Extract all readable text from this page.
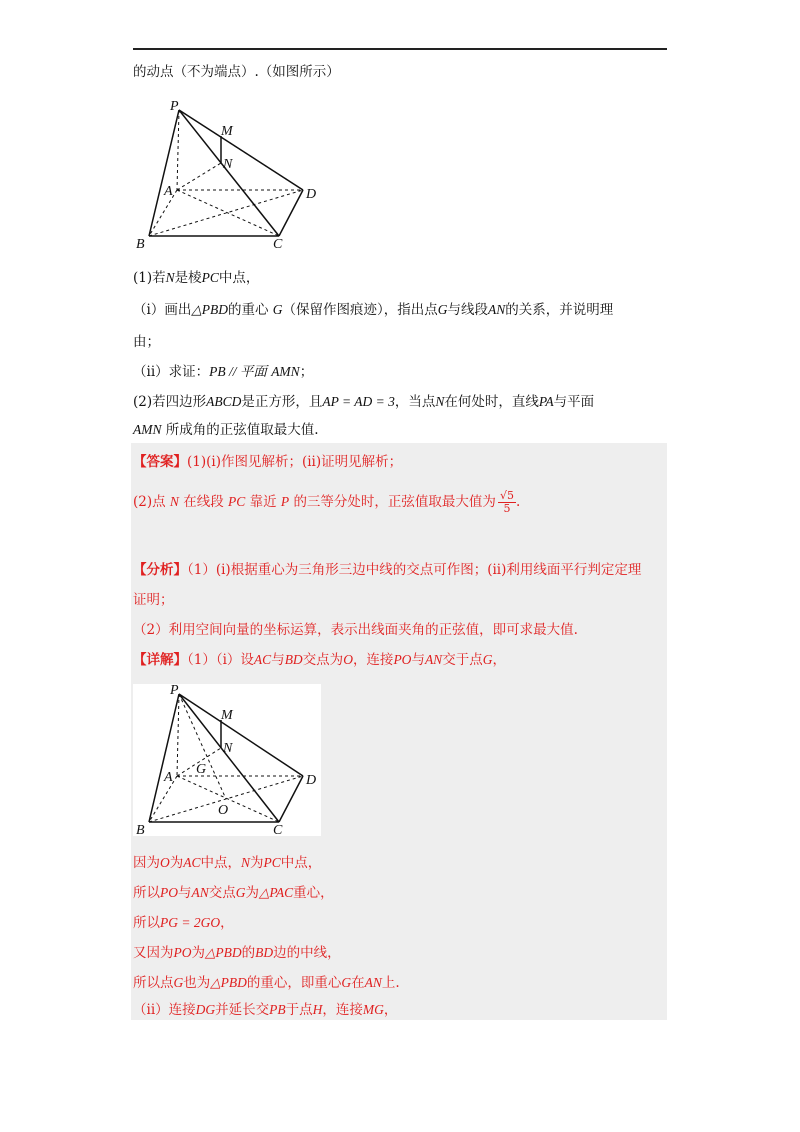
的动点（不为端点）.（如图所示）
P
M
N
A	D
B	C
(1)若N是棱PC中点，
（i）画出△PBD的重心 G（保留作图痕迹），指出点G与线段AN的关系，并说明理
由；
（ii）求证：PB // 平面 AMN；
(2)若四边形ABCD是正方形，且AP = AD = 3，当点N在何处时，直线PA与平面
AMN 所成角的正弦值取最大值.
【答案】(1)(i)作图见解析；(ii)证明见解析；
(2)点 N 在线段 PC 靠近 P 的三等分处时，正弦值取最大值为 $\frac{√5}{5}$ .
【分析】（1）(i)根据重心为三角形三边中线的交点可作图；(ii)利用线面平行判定定理
证明；
（2）利用空间向量的坐标运算，表示出线面夹角的正弦值，即可求最大值.
【详解】（1）（i）设AC与BD交点为O，连接PO与AN交于点G，
P
M
N
A
G
D
O
B	C
因为O为AC中点，N为PC中点，
所以PO与AN交点G为△PAC重心，
所以PG = 2GO，
又因为PO为△PBD的BD边的中线，
所以点G也为△PBD的重心，即重心G在AN上.
（ii）连接DG并延长交PB于点H，连接MG，
